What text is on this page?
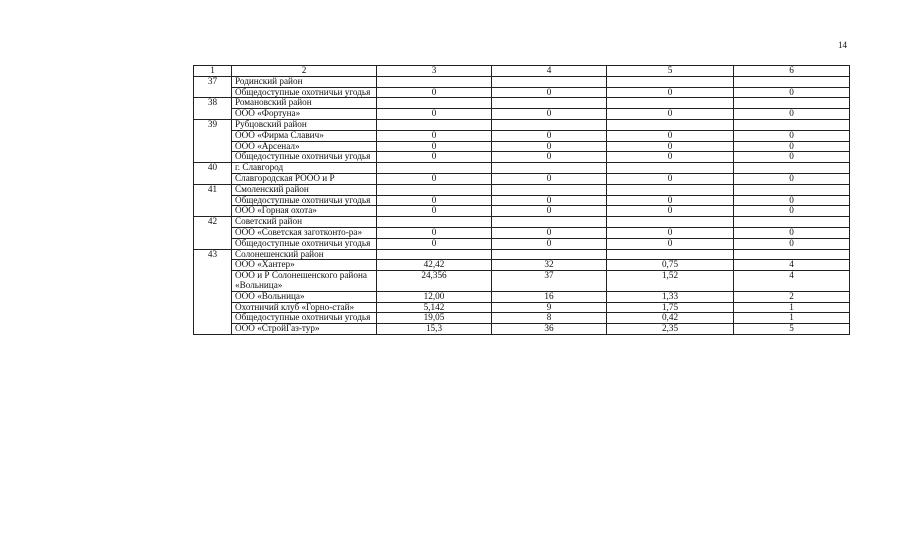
14
1	2	3	4	5	6
37	Родинский район				
	Общедоступные охотничьи угодья	0	0	0	0
38	Романовский район				
	ООО «Фортуна»	0	0	0	0
39	Рубцовский район				
	ООО «Фирма Славич»	0	0	0	0
	ООО «Арсенал»	0	0	0	0
	Общедоступные охотничьи угодья	0	0	0	0
40	г. Славгород				
	Славгородская РООО и Р	0	0	0	0
41	Смоленский район				
	Общедоступные охотничьи угодья	0	0	0	0
	ООО «Горная охота»	0	0	0	0
42	Советский район				
	ООО «Советская заготконто-ра»	0	0	0	0
	Общедоступные охотничьи угодья	0	0	0	0
43	Солонешенский район				
	ООО «Хантер»	42,42	32	0,75	4
	ООО и Р Солонешенского района «Вольница»	24,356	37	1,52	4
	ООО «Вольница»	12,00	16	1,33	2
	Охотничий клуб «Горно-стай»	5,142	9	1,75	1
	Общедоступные охотничьи угодья	19,05	8	0,42	1
	ООО «СтройГаз-тур»	15,3	36	2,35	5
